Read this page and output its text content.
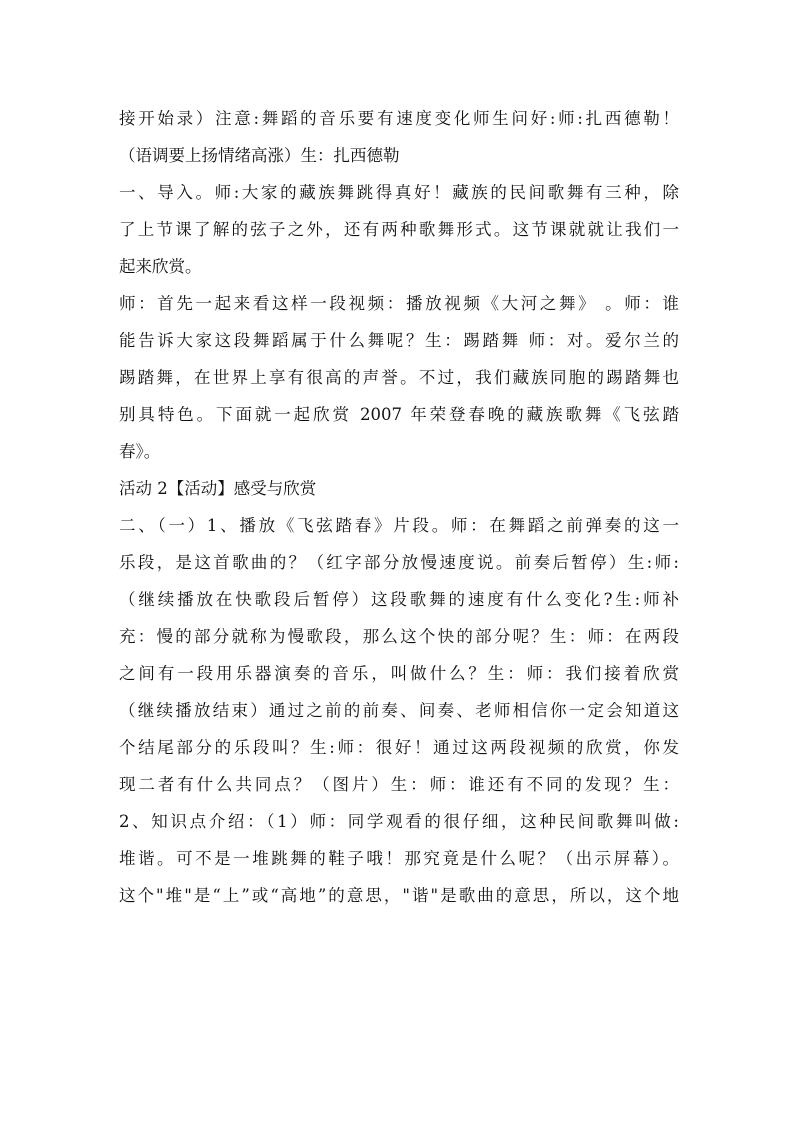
接开始录）注意:舞蹈的音乐要有速度变化师生问好:师:扎西德勒！
（语调要上扬情绪高涨）生：扎西德勒
一、导入。师:大家的藏族舞跳得真好！藏族的民间歌舞有三种，除
了上节课了解的弦子之外，还有两种歌舞形式。这节课就就让我们一
起来欣赏。
师：首先一起来看这样一段视频：播放视频《大河之舞》 。师：谁
能告诉大家这段舞蹈属于什么舞呢？生：踢踏舞 师：对。爱尔兰的
踢踏舞，在世界上享有很高的声誉。不过，我们藏族同胞的踢踏舞也
别具特色。下面就一起欣赏 2007 年荣登春晚的藏族歌舞《飞弦踏
春》。
活动 2【活动】感受与欣赏
二、（一）1、播放《飞弦踏春》片段。师：在舞蹈之前弹奏的这一
乐段，是这首歌曲的？（红字部分放慢速度说。前奏后暂停）生:师:
（继续播放在快歌段后暂停）这段歌舞的速度有什么变化?生:师补
充：慢的部分就称为慢歌段，那么这个快的部分呢？生：师：在两段
之间有一段用乐器演奏的音乐，叫做什么？生：师：我们接着欣赏
（继续播放结束）通过之前的前奏、间奏、老师相信你一定会知道这
个结尾部分的乐段叫？生:师：很好！通过这两段视频的欣赏，你发
现二者有什么共同点？（图片）生：师：谁还有不同的发现？生：
2、知识点介绍：（1）师：同学观看的很仔细，这种民间歌舞叫做:
堆谐。可不是一堆跳舞的鞋子哦！那究竟是什么呢？（出示屏幕）。
这个"堆"是“上”或“高地”的意思，"谐"是歌曲的意思，所以，这个地
